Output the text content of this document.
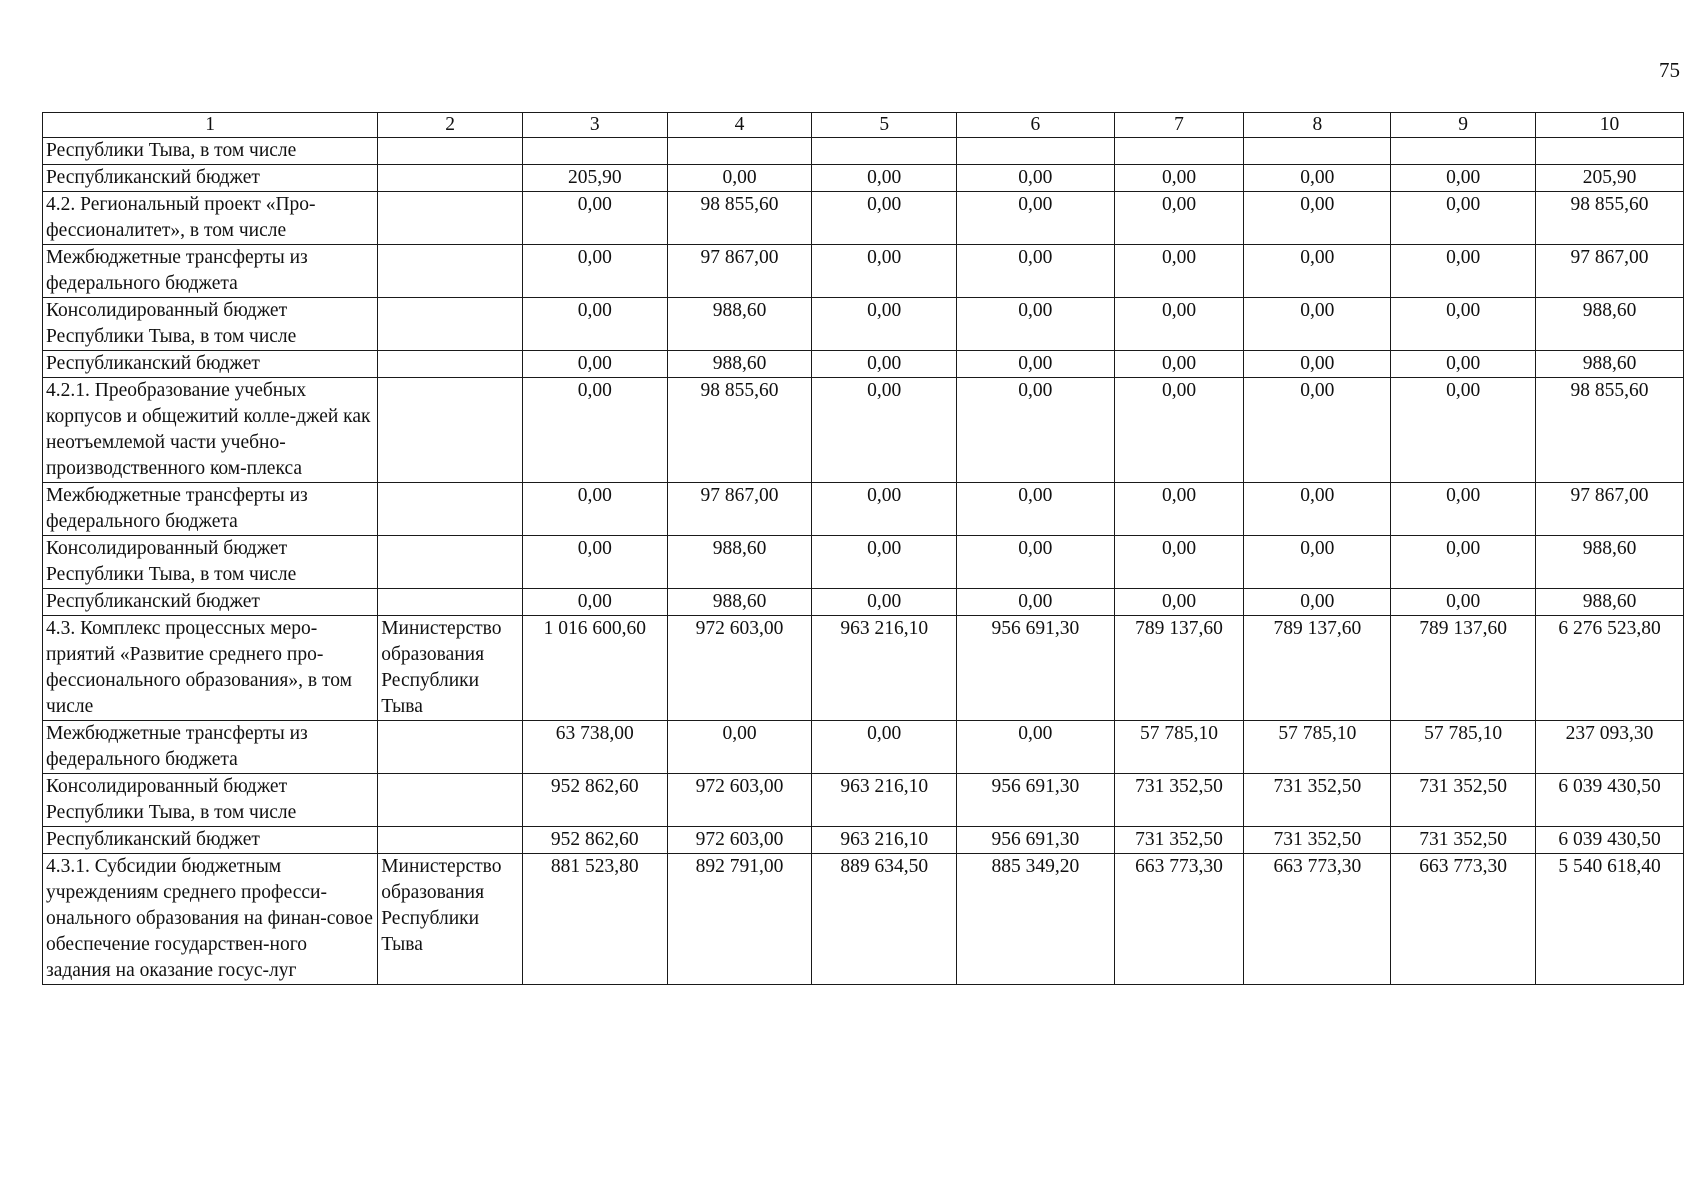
75
1	2	3	4	5	6	7	8	9	10
Республики Тыва, в том числе									
Республиканский бюджет		205,90	0,00	0,00	0,00	0,00	0,00	0,00	205,90
4.2. Региональный проект «Про-фессионалитет», в том числе		0,00	98 855,60	0,00	0,00	0,00	0,00	0,00	98 855,60
Межбюджетные трансферты из федерального бюджета		0,00	97 867,00	0,00	0,00	0,00	0,00	0,00	97 867,00
Консолидированный бюджет Республики Тыва, в том числе		0,00	988,60	0,00	0,00	0,00	0,00	0,00	988,60
Республиканский бюджет		0,00	988,60	0,00	0,00	0,00	0,00	0,00	988,60
4.2.1. Преобразование учебных корпусов и общежитий колле-джей как неотъемлемой части учебно-производственного ком-плекса		0,00	98 855,60	0,00	0,00	0,00	0,00	0,00	98 855,60
Межбюджетные трансферты из федерального бюджета		0,00	97 867,00	0,00	0,00	0,00	0,00	0,00	97 867,00
Консолидированный бюджет Республики Тыва, в том числе		0,00	988,60	0,00	0,00	0,00	0,00	0,00	988,60
Республиканский бюджет		0,00	988,60	0,00	0,00	0,00	0,00	0,00	988,60
4.3. Комплекс процессных меро-приятий «Развитие среднего про-фессионального образования», в том числе	Министерство образования Республики Тыва	1 016 600,60	972 603,00	963 216,10	956 691,30	789 137,60	789 137,60	789 137,60	6 276 523,80
Межбюджетные трансферты из федерального бюджета		63 738,00	0,00	0,00	0,00	57 785,10	57 785,10	57 785,10	237 093,30
Консолидированный бюджет Республики Тыва, в том числе		952 862,60	972 603,00	963 216,10	956 691,30	731 352,50	731 352,50	731 352,50	6 039 430,50
Республиканский бюджет		952 862,60	972 603,00	963 216,10	956 691,30	731 352,50	731 352,50	731 352,50	6 039 430,50
4.3.1. Субсидии бюджетным учреждениям среднего професси-онального образования на финан-совое обеспечение государствен-ного задания на оказание госус-луг	Министерство образования Республики Тыва	881 523,80	892 791,00	889 634,50	885 349,20	663 773,30	663 773,30	663 773,30	5 540 618,40
